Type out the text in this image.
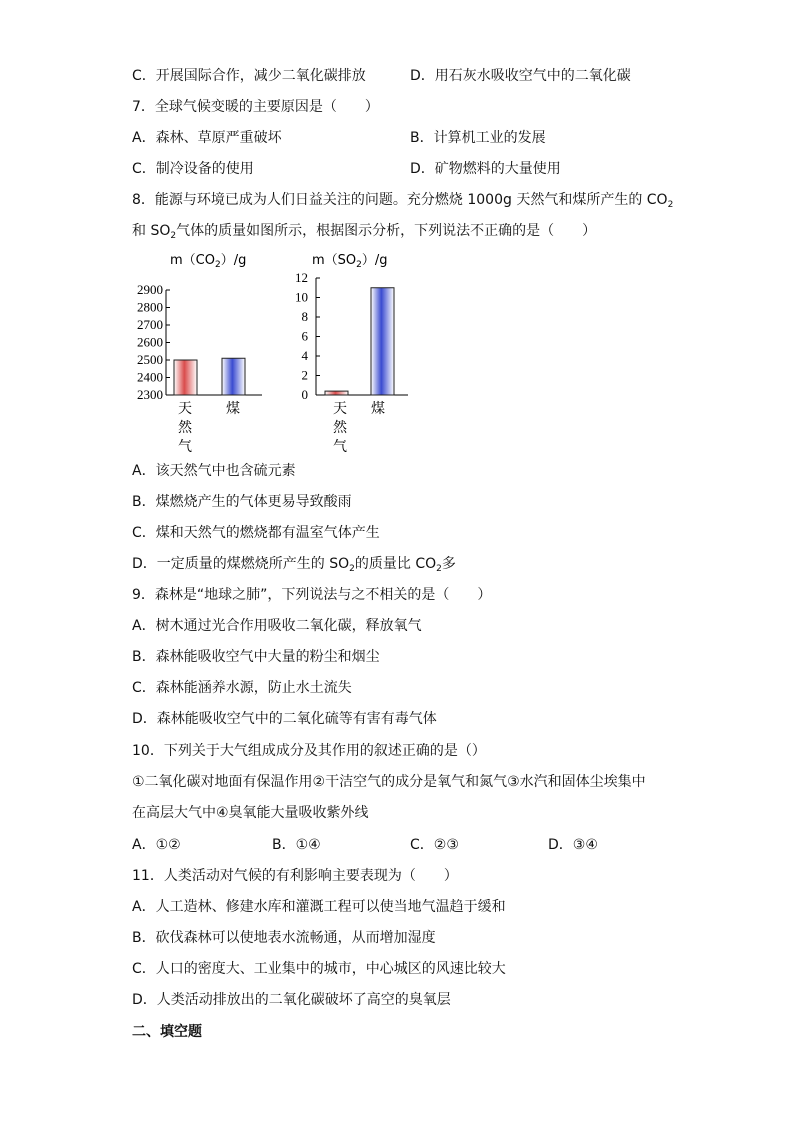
C．开展国际合作，减少二氧化碳排放	D．用石灰水吸收空气中的二氧化碳
7．全球气候变暖的主要原因是（　　）
A．森林、草原严重破坏	B．计算机工业的发展
C．制冷设备的使用	D．矿物燃料的大量使用
8．能源与环境已成为人们日益关注的问题。充分燃烧 1000g 天然气和煤所产生的 $CO_2$
和 $SO_2$气体的质量如图所示，根据图示分析，下列说法不正确的是（　　）
$m(CO_2)/g$
2300
2400
2500
2600
2700
2800
2900
天
然
气
煤
$m(SO_2)/g$
0
2
4
6
8
10
12
天
然
气
煤
A．该天然气中也含硫元素
B．煤燃烧产生的气体更易导致酸雨
C．煤和天然气的燃烧都有温室气体产生
D．一定质量的煤燃烧所产生的 $SO_2$的质量比 $CO_2$多
9．森林是“地球之肺”，下列说法与之不相关的是（　　）
A．树木通过光合作用吸收二氧化碳，释放氧气
B．森林能吸收空气中大量的粉尘和烟尘
C．森林能涵养水源，防止水土流失
D．森林能吸收空气中的二氧化硫等有害有毒气体
10．下列关于大气组成成分及其作用的叙述正确的是（）
①二氧化碳对地面有保温作用②干洁空气的成分是氧气和氮气③水汽和固体尘埃集中
在高层大气中④臭氧能大量吸收紫外线
A．①②	B．①④	C．②③	D．③④
11．人类活动对气候的有利影响主要表现为（　　）
A．人工造林、修建水库和灌溉工程可以使当地气温趋于缓和
B．砍伐森林可以使地表水流畅通，从而增加湿度
C．人口的密度大、工业集中的城市，中心城区的风速比较大
D．人类活动排放出的二氧化碳破坏了高空的臭氧层
二、填空题
